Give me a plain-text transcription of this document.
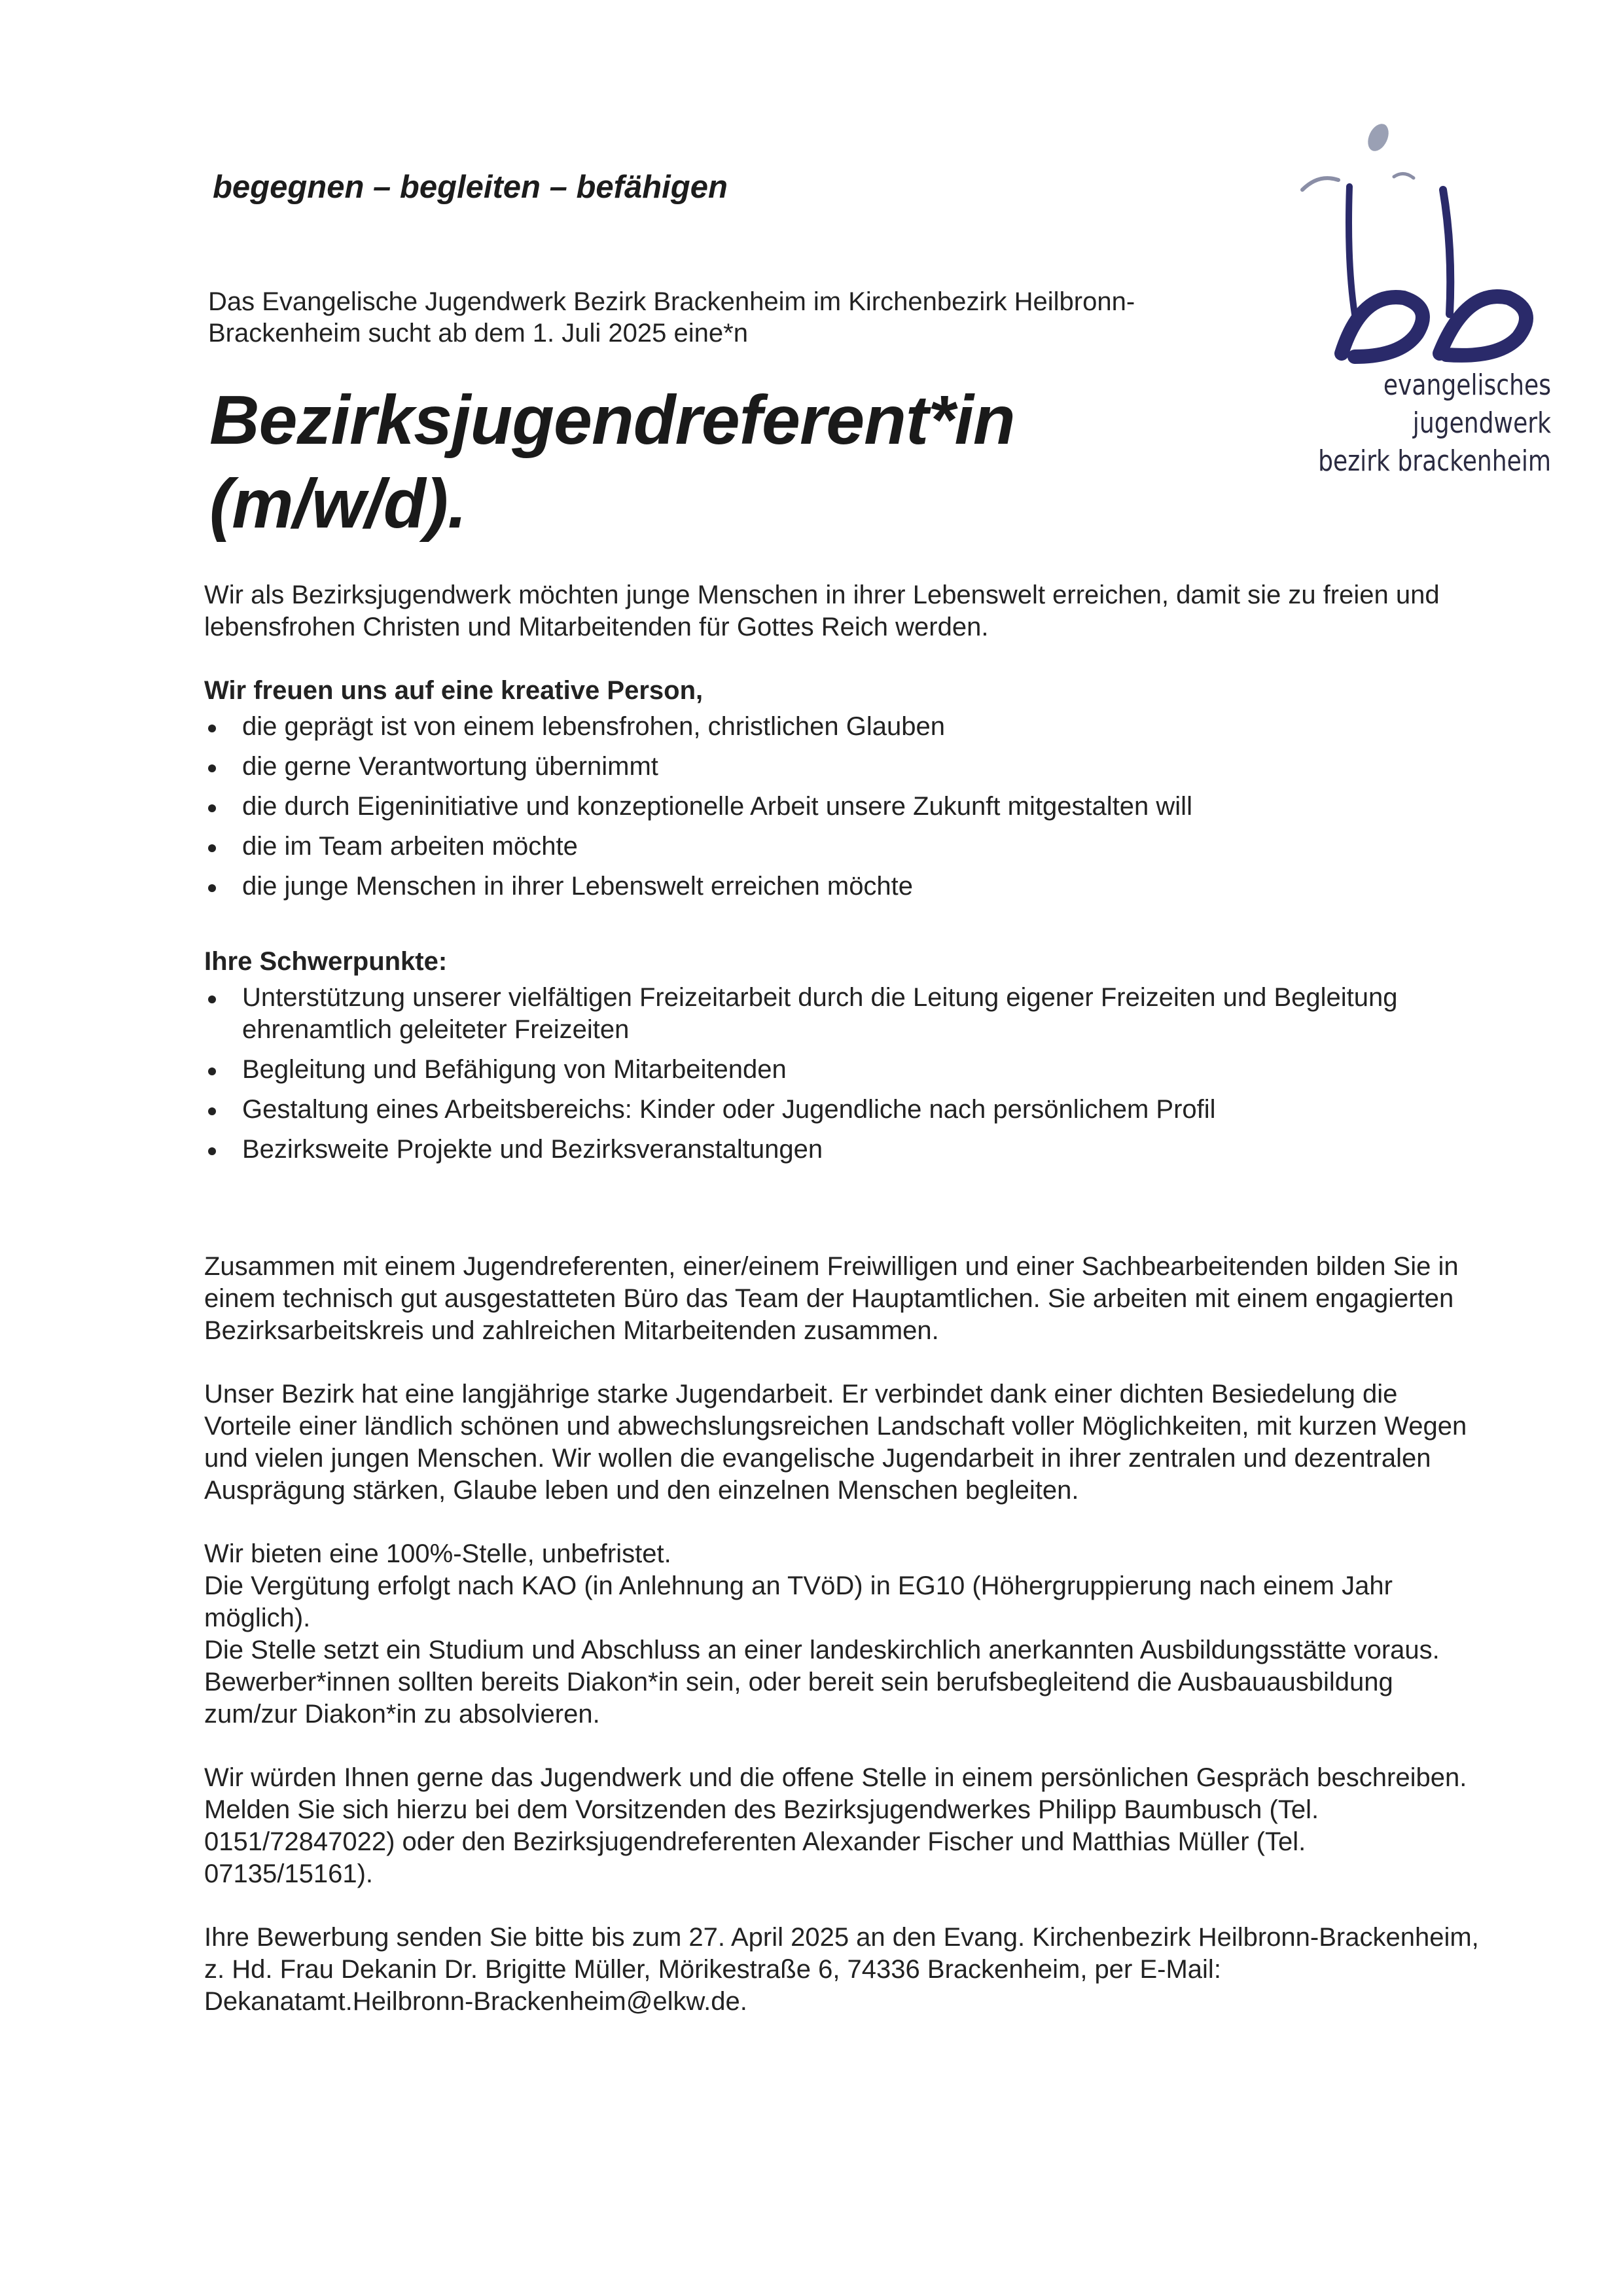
begegnen – begleiten – befähigen
Das Evangelische Jugendwerk Bezirk Brackenheim im Kirchenbezirk Heilbronn-Brackenheim sucht ab dem 1. Juli 2025 eine*n
Bezirksjugendreferent*in (m/w/d).
evangelisches jugendwerk
bezirk brackenheim

Wir als Bezirksjugendwerk möchten junge Menschen in ihrer Lebenswelt erreichen, damit sie zu freien und lebensfrohen Christen und Mitarbeitenden für Gottes Reich werden.

Wir freuen uns auf eine kreative Person,

die geprägt ist von einem lebensfrohen, christlichen Glauben
die gerne Verantwortung übernimmt
die durch Eigeninitiative und konzeptionelle Arbeit unsere Zukunft mitgestalten will
die im Team arbeiten möchte
die junge Menschen in ihrer Lebenswelt erreichen möchte

Ihre Schwerpunkte:

Unterstützung unserer vielfältigen Freizeitarbeit durch die Leitung eigener Freizeiten und Begleitung ehrenamtlich geleiteter Freizeiten
Begleitung und Befähigung von Mitarbeitenden
Gestaltung eines Arbeitsbereichs: Kinder oder Jugendliche nach persönlichem Profil
Bezirksweite Projekte und Bezirksveranstaltungen

Zusammen mit einem Jugendreferenten, einer/einem Freiwilligen und einer Sachbearbeitenden bilden Sie in einem technisch gut ausgestatteten Büro das Team der Hauptamtlichen. Sie arbeiten mit einem engagierten Bezirksarbeitskreis und zahlreichen Mitarbeitenden zusammen.

Unser Bezirk hat eine langjährige starke Jugendarbeit. Er verbindet dank einer dichten Besiedelung die Vorteile einer ländlich schönen und abwechslungsreichen Landschaft voller Möglichkeiten, mit kurzen Wegen und vielen jungen Menschen. Wir wollen die evangelische Jugendarbeit in ihrer zentralen und dezentralen Ausprägung stärken, Glaube leben und den einzelnen Menschen begleiten.

Wir bieten eine 100%-Stelle, unbefristet.

Die Vergütung erfolgt nach KAO (in Anlehnung an TVöD) in EG10 (Höhergruppierung nach einem Jahr möglich).

Die Stelle setzt ein Studium und Abschluss an einer landeskirchlich anerkannten Ausbildungsstätte voraus. Bewerber*innen sollten bereits Diakon*in sein, oder bereit sein berufsbegleitend die Ausbauausbildung zum/zur Diakon*in zu absolvieren.

Wir würden Ihnen gerne das Jugendwerk und die offene Stelle in einem persönlichen Gespräch beschreiben. Melden Sie sich hierzu bei dem Vorsitzenden des Bezirksjugendwerkes Philipp Baumbusch (Tel. 0151/72847022) oder den Bezirksjugendreferenten Alexander Fischer und Matthias Müller (Tel. 07135/15161).

Ihre Bewerbung senden Sie bitte bis zum 27. April 2025 an den Evang. Kirchenbezirk Heilbronn-Brackenheim, z. Hd. Frau Dekanin Dr. Brigitte Müller, Mörikestraße 6, 74336 Brackenheim, per E-Mail: Dekanatamt.Heilbronn-Brackenheim@elkw.de.
